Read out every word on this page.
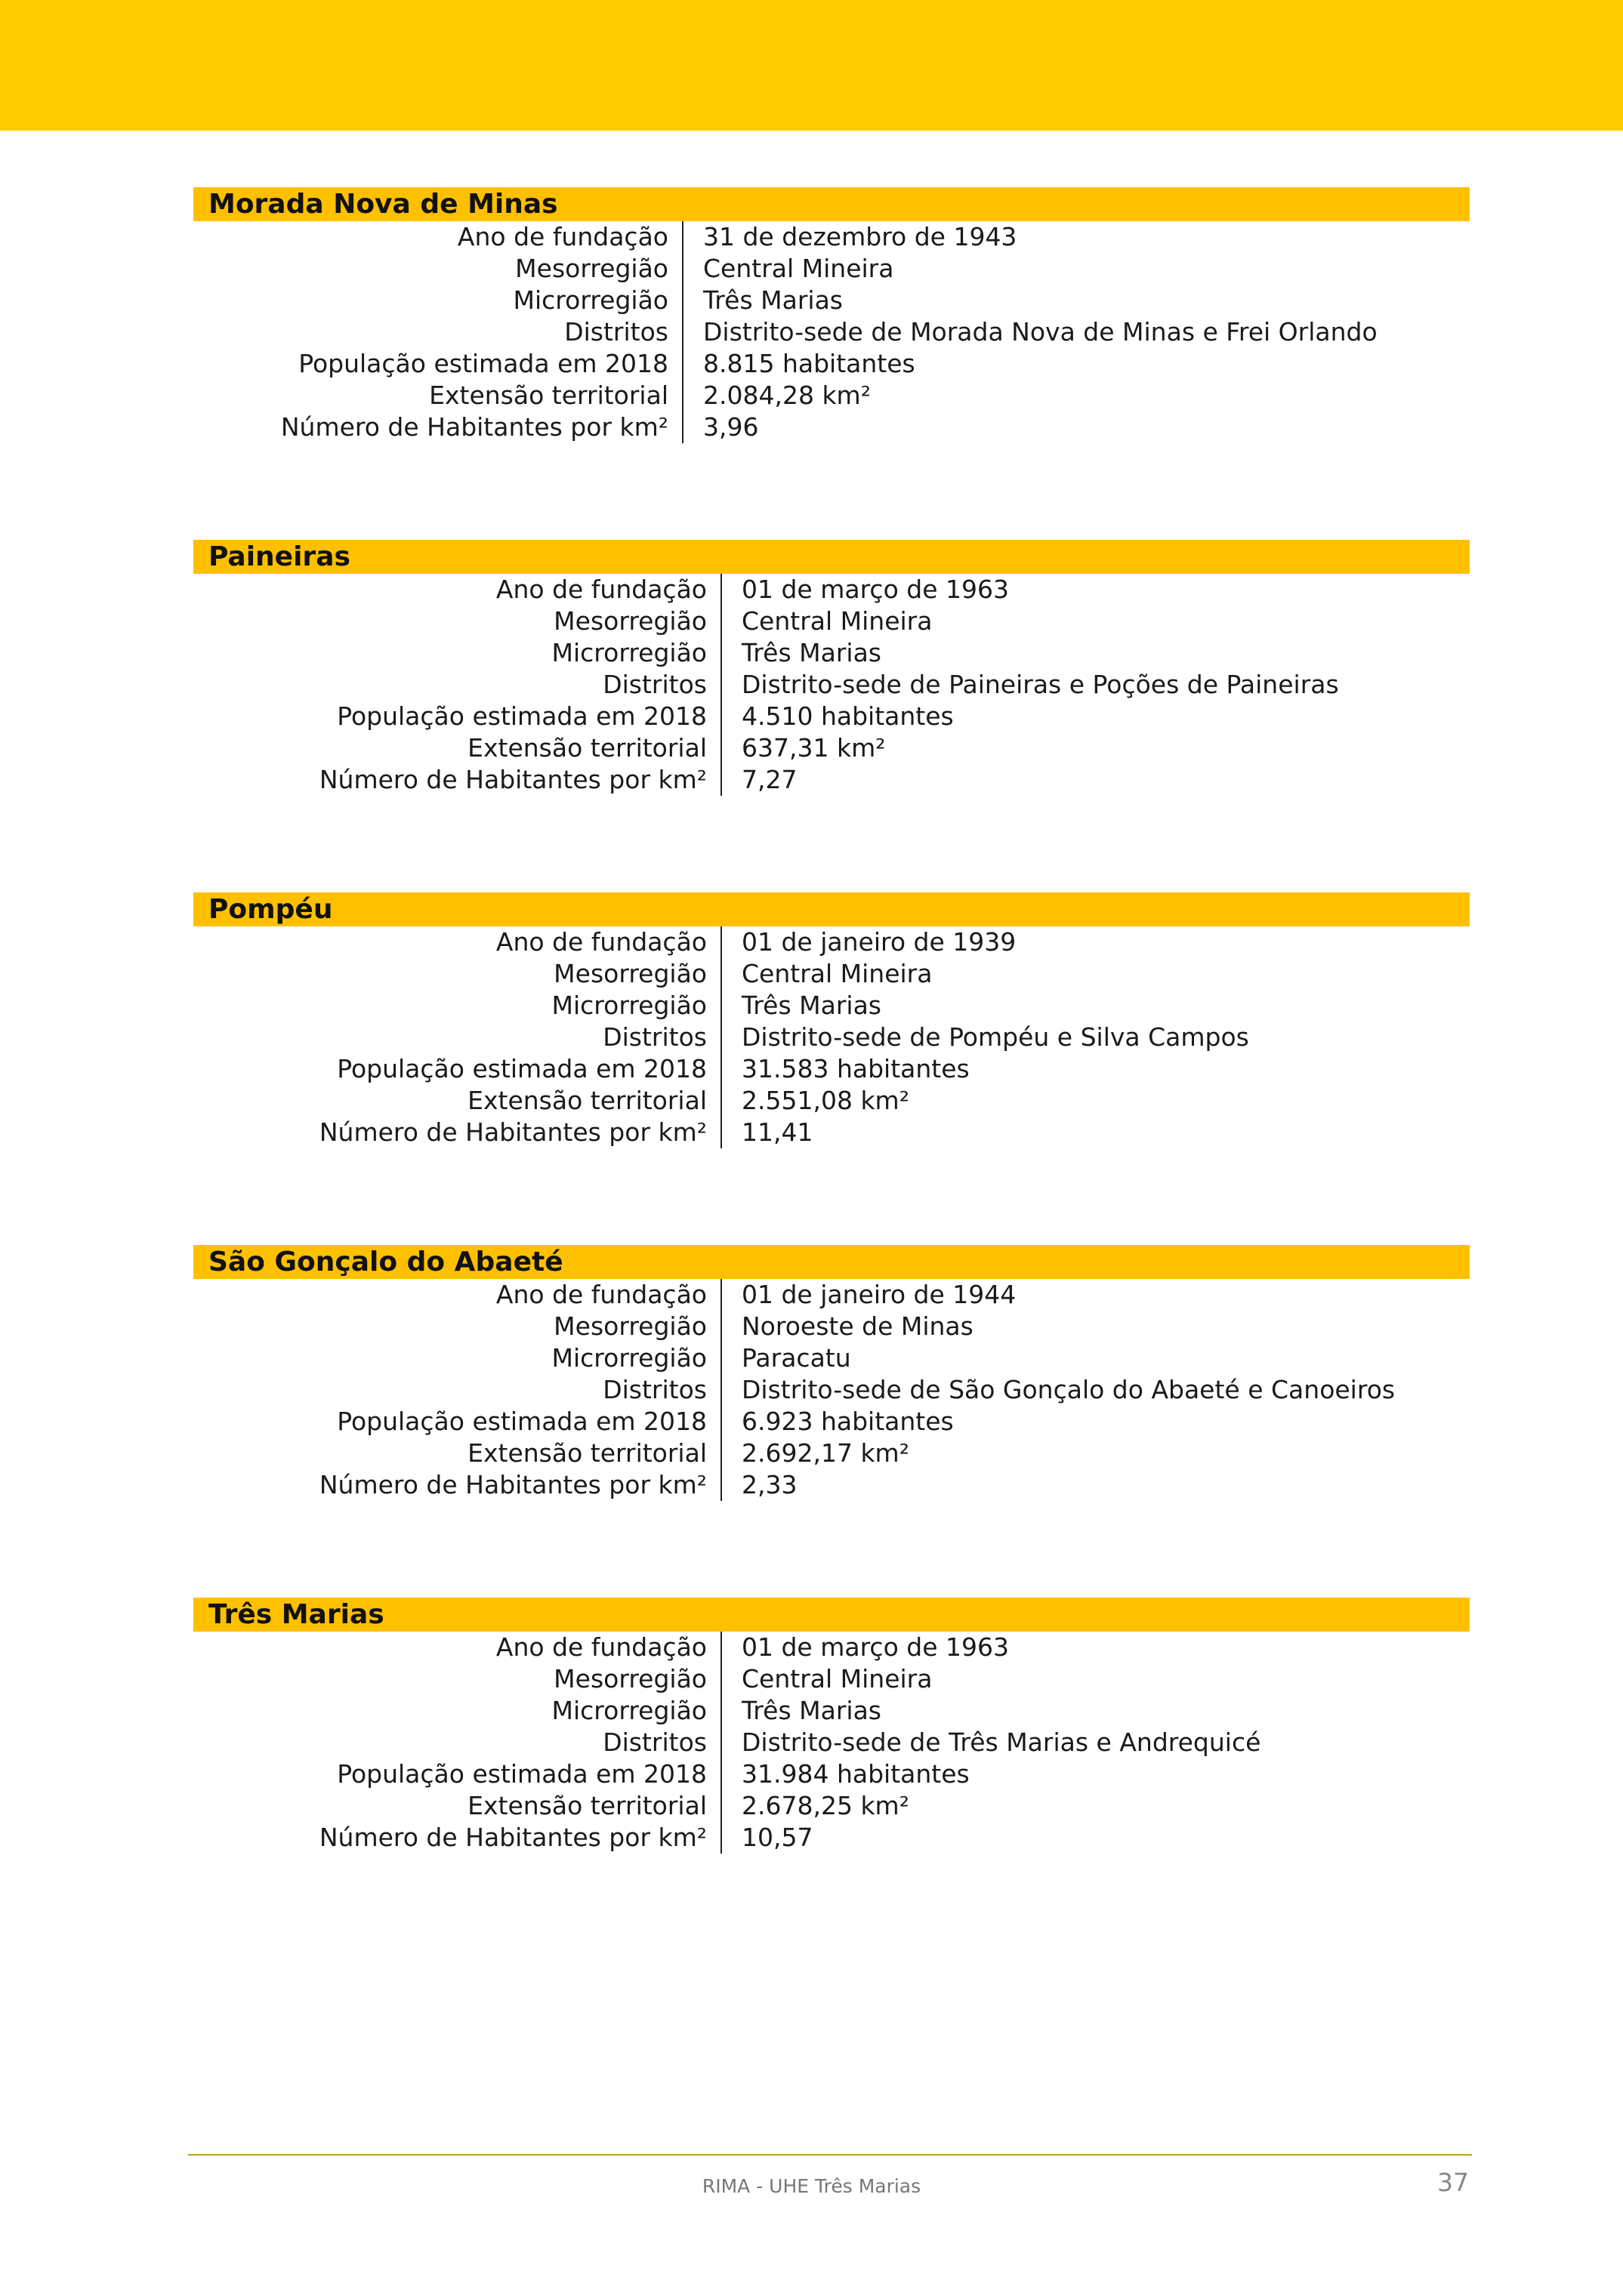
Morada Nova de Minas
Ano de fundação	31 de dezembro de 1943
Mesorregião	Central Mineira
Microrregião	Três Marias
Distritos	Distrito-sede de Morada Nova de Minas e Frei Orlando
População estimada em 2018	8.815 habitantes
Extensão territorial	2.084,28 km²
Número de Habitantes por km²	3,96
Paineiras
Ano de fundação	01 de março de 1963
Mesorregião	Central Mineira
Microrregião	Três Marias
Distritos	Distrito-sede de Paineiras e Poções de Paineiras
População estimada em 2018	4.510 habitantes
Extensão territorial	637,31 km²
Número de Habitantes por km²	7,27
Pompéu
Ano de fundação	01 de janeiro de 1939
Mesorregião	Central Mineira
Microrregião	Três Marias
Distritos	Distrito-sede de Pompéu e Silva Campos
População estimada em 2018	31.583 habitantes
Extensão territorial	2.551,08 km²
Número de Habitantes por km²	11,41
São Gonçalo do Abaeté
Ano de fundação	01 de janeiro de 1944
Mesorregião	Noroeste de Minas
Microrregião	Paracatu
Distritos	Distrito-sede de São Gonçalo do Abaeté e Canoeiros
População estimada em 2018	6.923 habitantes
Extensão territorial	2.692,17 km²
Número de Habitantes por km²	2,33
Três Marias
Ano de fundação	01 de março de 1963
Mesorregião	Central Mineira
Microrregião	Três Marias
Distritos	Distrito-sede de Três Marias e Andrequicé
População estimada em 2018	31.984 habitantes
Extensão territorial	2.678,25 km²
Número de Habitantes por km²	10,57
RIMA - UHE Três Marias	37
